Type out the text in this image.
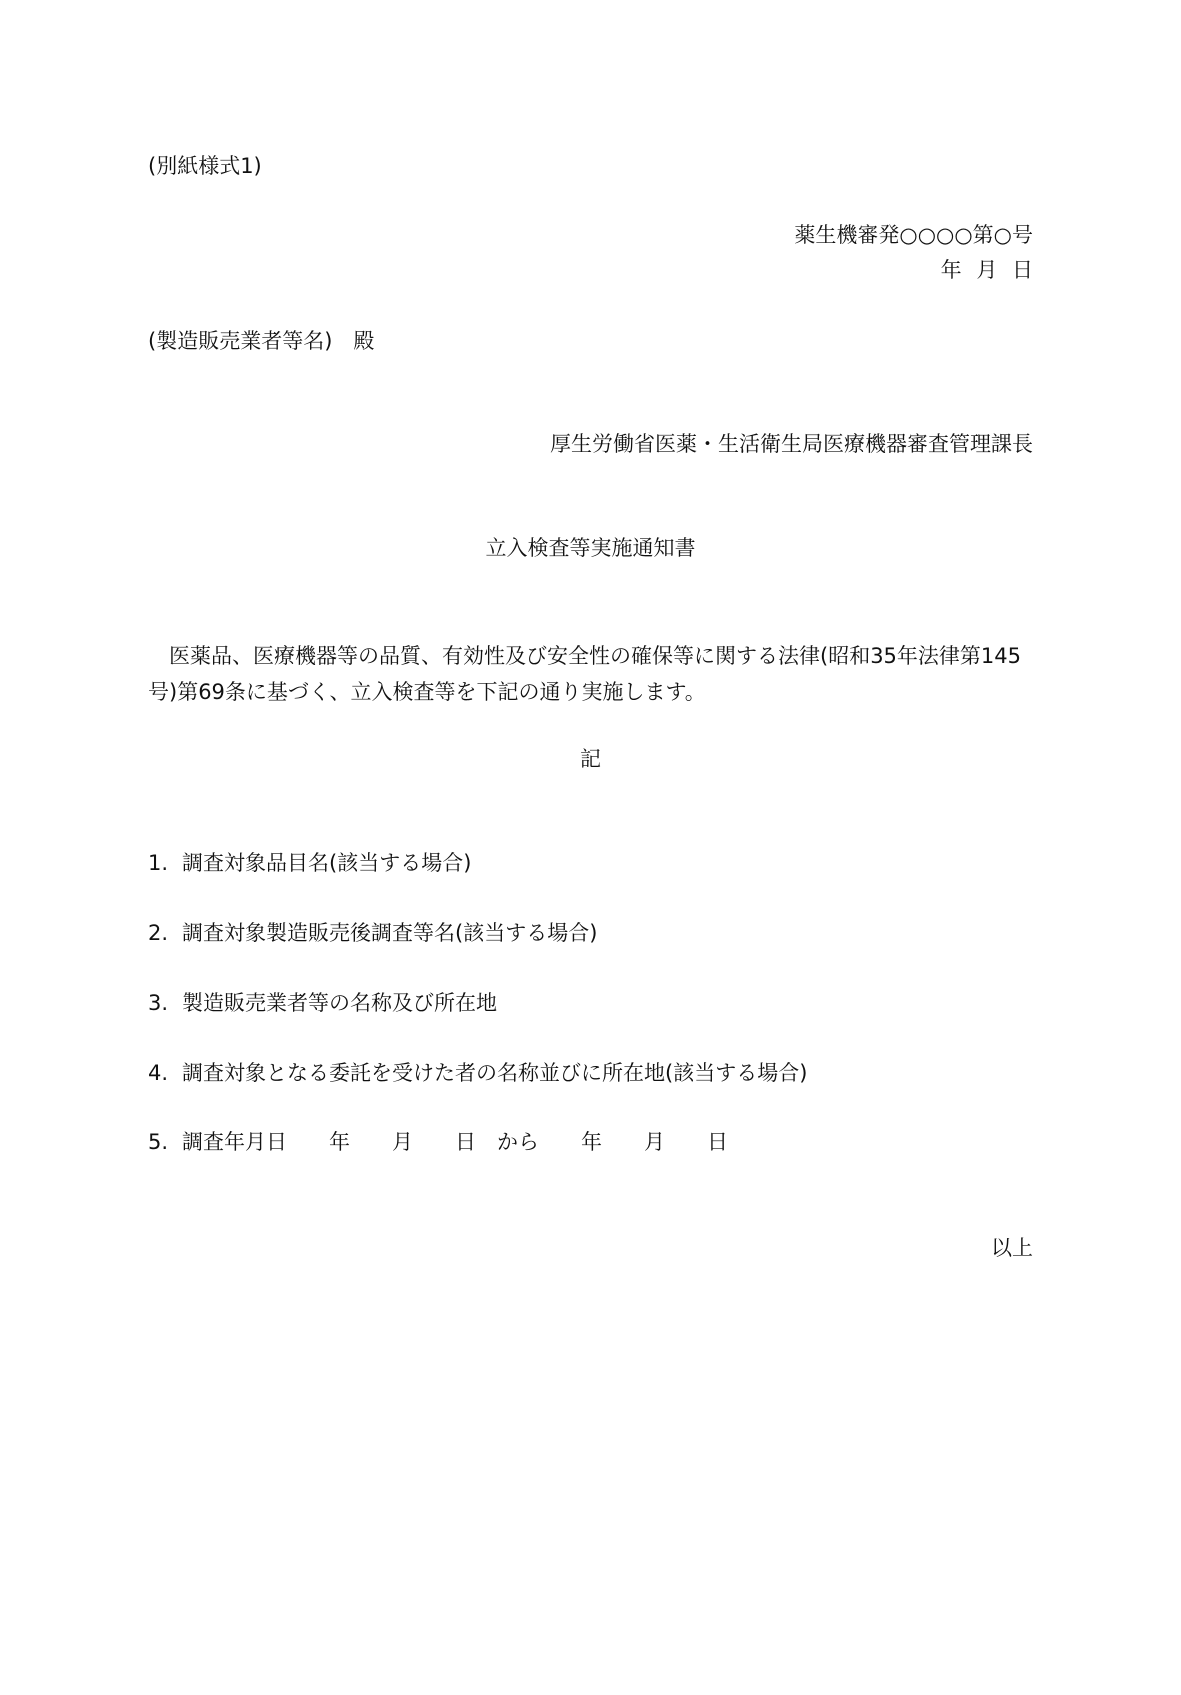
(別紙様式1)
薬生機審発○○○○第○号
年 月 日
(製造販売業者等名)　殿
厚生労働省医薬・生活衛生局医療機器審査管理課長
立入検査等実施通知書
医薬品、医療機器等の品質、有効性及び安全性の確保等に関する法律(昭和35年法律第145号)第69条に基づく、立入検査等を下記の通り実施します。
記
1. 調査対象品目名(該当する場合)
2. 調査対象製造販売後調査等名(該当する場合)
3. 製造販売業者等の名称及び所在地
4. 調査対象となる委託を受けた者の名称並びに所在地(該当する場合)
5. 調査年月日　　年　　月　　日　から　　年　　月　　日
以上
